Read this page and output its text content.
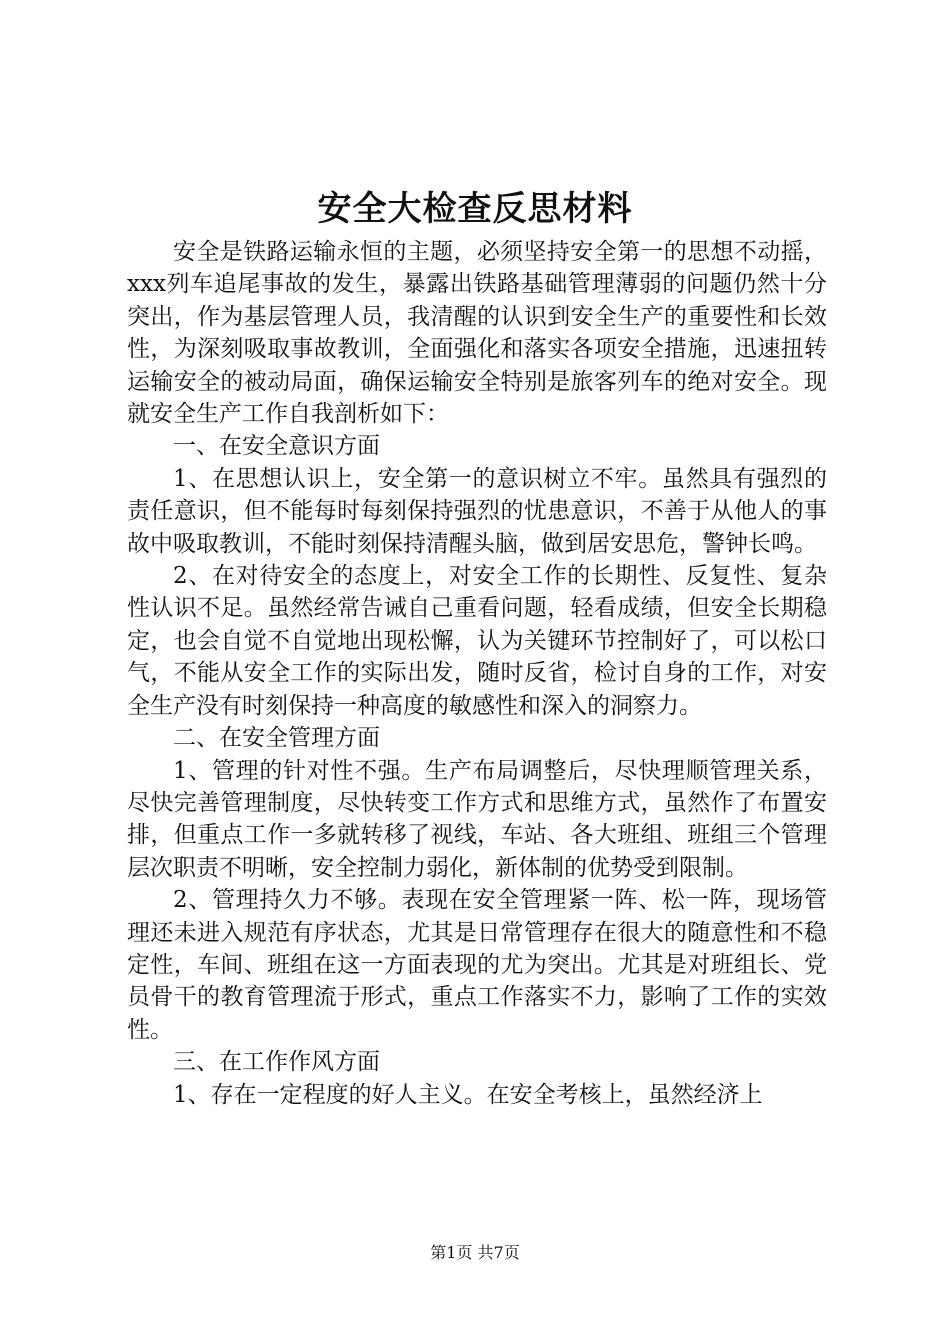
安全大检查反思材料

安全是铁路运输永恒的主题，必须坚持安全第一的思想不动摇，xxx列车追尾事故的发生，暴露出铁路基础管理薄弱的问题仍然十分突出，作为基层管理人员，我清醒的认识到安全生产的重要性和长效性，为深刻吸取事故教训，全面强化和落实各项安全措施，迅速扭转运输安全的被动局面，确保运输安全特别是旅客列车的绝对安全。现就安全生产工作自我剖析如下：

一、在安全意识方面

1、在思想认识上，安全第一的意识树立不牢。虽然具有强烈的责任意识，但不能每时每刻保持强烈的忧患意识，不善于从他人的事故中吸取教训，不能时刻保持清醒头脑，做到居安思危，警钟长鸣。

2、在对待安全的态度上，对安全工作的长期性、反复性、复杂性认识不足。虽然经常告诫自己重看问题，轻看成绩，但安全长期稳定，也会自觉不自觉地出现松懈，认为关键环节控制好了，可以松口气，不能从安全工作的实际出发，随时反省，检讨自身的工作，对安全生产没有时刻保持一种高度的敏感性和深入的洞察力。

二、在安全管理方面

1、管理的针对性不强。生产布局调整后，尽快理顺管理关系，尽快完善管理制度，尽快转变工作方式和思维方式，虽然作了布置安排，但重点工作一多就转移了视线，车站、各大班组、班组三个管理层次职责不明晰，安全控制力弱化，新体制的优势受到限制。

2、管理持久力不够。表现在安全管理紧一阵、松一阵，现场管理还未进入规范有序状态，尤其是日常管理存在很大的随意性和不稳定性，车间、班组在这一方面表现的尤为突出。尤其是对班组长、党员骨干的教育管理流于形式，重点工作落实不力，影响了工作的实效性。

三、在工作作风方面

1、存在一定程度的好人主义。在安全考核上，虽然经济上

第1页 共7页
